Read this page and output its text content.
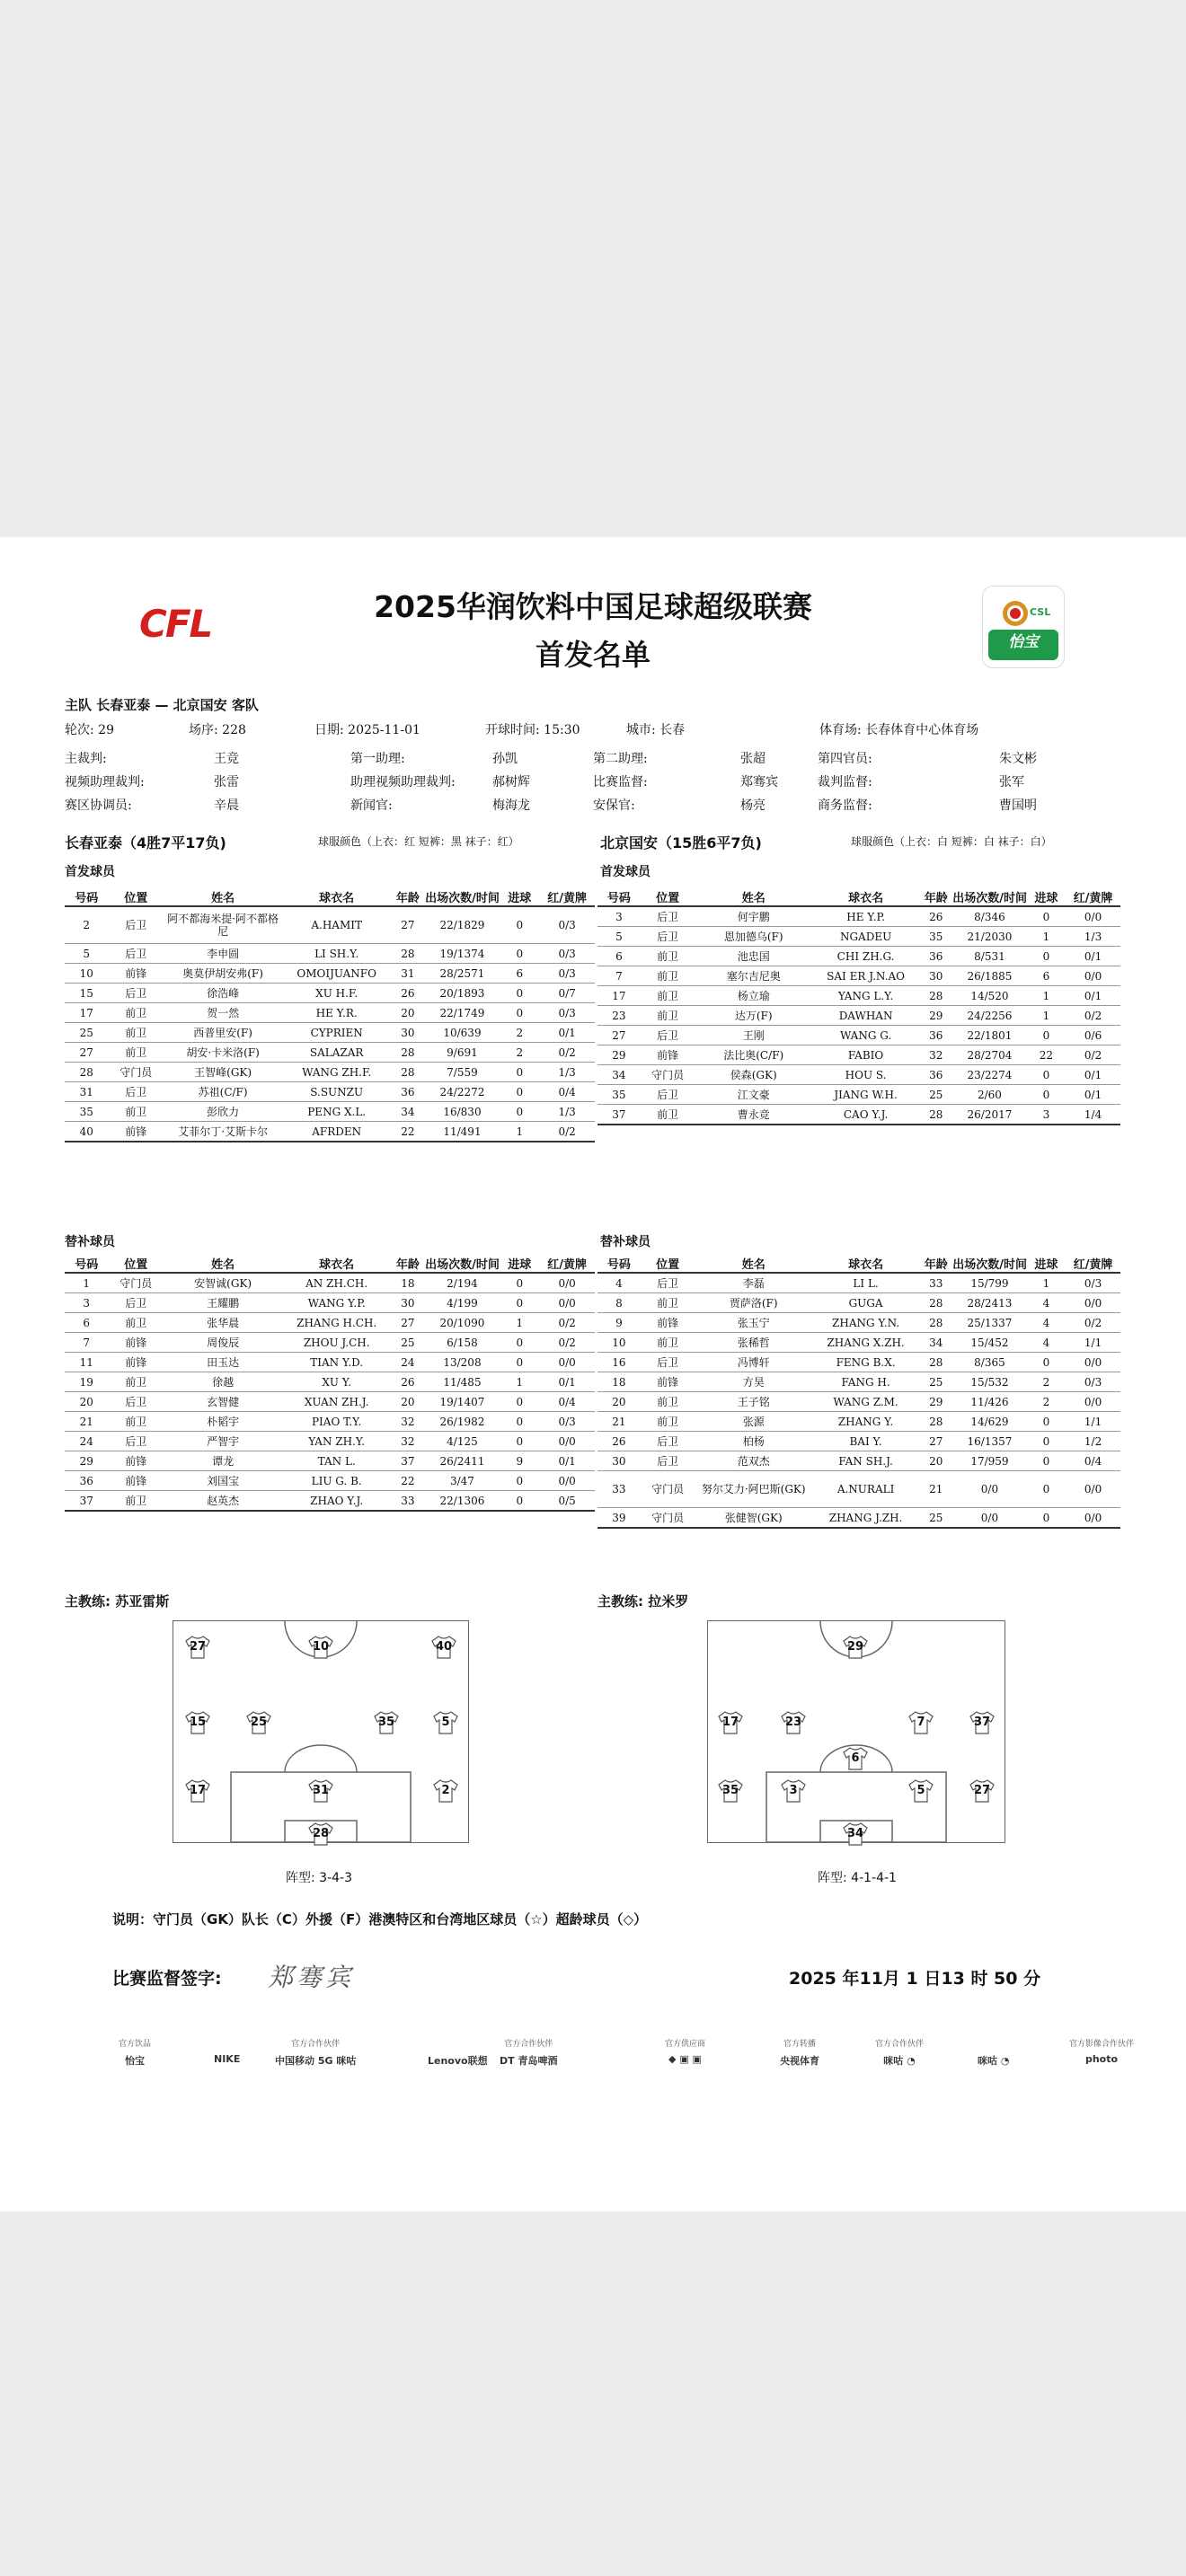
CFL	2025华润饮料中国足球超级联赛
首发名单
CSL
怡宝
主队 长春亚泰 — 北京国安 客队
轮次: 29	场序: 228	日期: 2025-11-01	开球时间: 15:30	城市: 长春	体育场: 长春体育中心体育场
主裁判:	王竞	第一助理:	孙凯	第二助理:	张超	第四官员:	朱文彬
视频助理裁判:	张雷	助理视频助理裁判:	郝树辉	比赛监督:	郑骞宾	裁判监督:	张军
赛区协调员:	辛晨	新闻官:	梅海龙	安保官:	杨亮	商务监督:	曹国明
长春亚泰（4胜7平17负)	球服颜色（上衣：红 短裤：黑 袜子：红）	北京国安（15胜6平7负)	球服颜色（上衣：白 短裤：白 袜子：白）
首发球员	首发球员
号码	位置	姓名	球衣名	年龄	出场次数/时间	进球	红/黄牌
2	后卫	阿不都海米提·阿不都格尼	A.HAMIT	27	22/1829	0	0/3
5	后卫	李申圆	LI SH.Y.	28	19/1374	0	0/3
10	前锋	奥莫伊胡安弗(F)	OMOIJUANFO	31	28/2571	6	0/3
15	后卫	徐浩峰	XU H.F.	26	20/1893	0	0/7
17	前卫	贺一然	HE Y.R.	20	22/1749	0	0/3
25	前卫	西普里安(F)	CYPRIEN	30	10/639	2	0/1
27	前卫	胡安·卡米洛(F)	SALAZAR	28	9/691	2	0/2
28	守门员	王智峰(GK)	WANG ZH.F.	28	7/559	0	1/3
31	后卫	苏祖(C/F)	S.SUNZU	36	24/2272	0	0/4
35	前卫	彭欣力	PENG X.L.	34	16/830	0	1/3
40	前锋	艾菲尔丁·艾斯卡尔	AFRDEN	22	11/491	1	0/2
号码	位置	姓名	球衣名	年龄	出场次数/时间	进球	红/黄牌
3	后卫	何宇鹏	HE Y.P.	26	8/346	0	0/0
5	后卫	恩加德乌(F)	NGADEU	35	21/2030	1	1/3
6	前卫	池忠国	CHI ZH.G.	36	8/531	0	0/1
7	前卫	塞尔吉尼奥	SAI ER J.N.AO	30	26/1885	6	0/0
17	前卫	杨立瑜	YANG L.Y.	28	14/520	1	0/1
23	前卫	达万(F)	DAWHAN	29	24/2256	1	0/2
27	后卫	王刚	WANG G.	36	22/1801	0	0/6
29	前锋	法比奥(C/F)	FABIO	32	28/2704	22	0/2
34	守门员	侯森(GK)	HOU S.	36	23/2274	0	0/1
35	后卫	江文豪	JIANG W.H.	25	2/60	0	0/1
37	前卫	曹永竞	CAO Y.J.	28	26/2017	3	1/4
替补球员	替补球员
号码	位置	姓名	球衣名	年龄	出场次数/时间	进球	红/黄牌
1	守门员	安智诚(GK)	AN ZH.CH.	18	2/194	0	0/0
3	后卫	王耀鹏	WANG Y.P.	30	4/199	0	0/0
6	前卫	张华晨	ZHANG H.CH.	27	20/1090	1	0/2
7	前锋	周俊辰	ZHOU J.CH.	25	6/158	0	0/2
11	前锋	田玉达	TIAN Y.D.	24	13/208	0	0/0
19	前卫	徐越	XU Y.	26	11/485	1	0/1
20	后卫	玄智健	XUAN ZH.J.	20	19/1407	0	0/4
21	前卫	朴韬宇	PIAO T.Y.	32	26/1982	0	0/3
24	后卫	严智宇	YAN ZH.Y.	32	4/125	0	0/0
29	前锋	谭龙	TAN L.	37	26/2411	9	0/1
36	前锋	刘国宝	LIU G. B.	22	3/47	0	0/0
37	前卫	赵英杰	ZHAO Y.J.	33	22/1306	0	0/5
号码	位置	姓名	球衣名	年龄	出场次数/时间	进球	红/黄牌
4	后卫	李磊	LI L.	33	15/799	1	0/3
8	前卫	贾萨洛(F)	GUGA	28	28/2413	4	0/0
9	前锋	张玉宁	ZHANG Y.N.	28	25/1337	4	0/2
10	前卫	张稀哲	ZHANG X.ZH.	34	15/452	4	1/1
16	后卫	冯博轩	FENG B.X.	28	8/365	0	0/0
18	前锋	方昊	FANG H.	25	15/532	2	0/3
20	前卫	王子铭	WANG Z.M.	29	11/426	2	0/0
21	前卫	张源	ZHANG Y.	28	14/629	0	1/1
26	后卫	柏杨	BAI Y.	27	16/1357	0	1/2
30	后卫	范双杰	FAN SH.J.	20	17/959	0	0/4
33	守门员	努尔艾力·阿巴斯(GK)	A.NURALI	21	0/0	0	0/0
39	守门员	张健智(GK)	ZHANG J.ZH.	25	0/0	0	0/0
主教练: 苏亚雷斯	主教练: 拉米罗
27	10	40
15	25	35	5
17	31	2
28
29
17	23	7	37
6
35	3	5	27
34
阵型: 3-4-3	阵型: 4-1-4-1
说明：守门员（GK）队长（C）外援（F）港澳特区和台湾地区球员（☆）超龄球员（◇）
比赛监督签字: 郑骞宾	2025 年11月 1 日13 时 50 分
官方饮品
怡宝	NIKE
官方合作伙伴
中国移动 5G 咪咕	Lenovo联想
官方合作伙伴
DT 青岛啤酒
官方供应商
◆ ▣ ▣
官方转播
央视体育
官方合作伙伴
咪咕 ◔	咪咕 ◔
官方影像合作伙伴
photo
